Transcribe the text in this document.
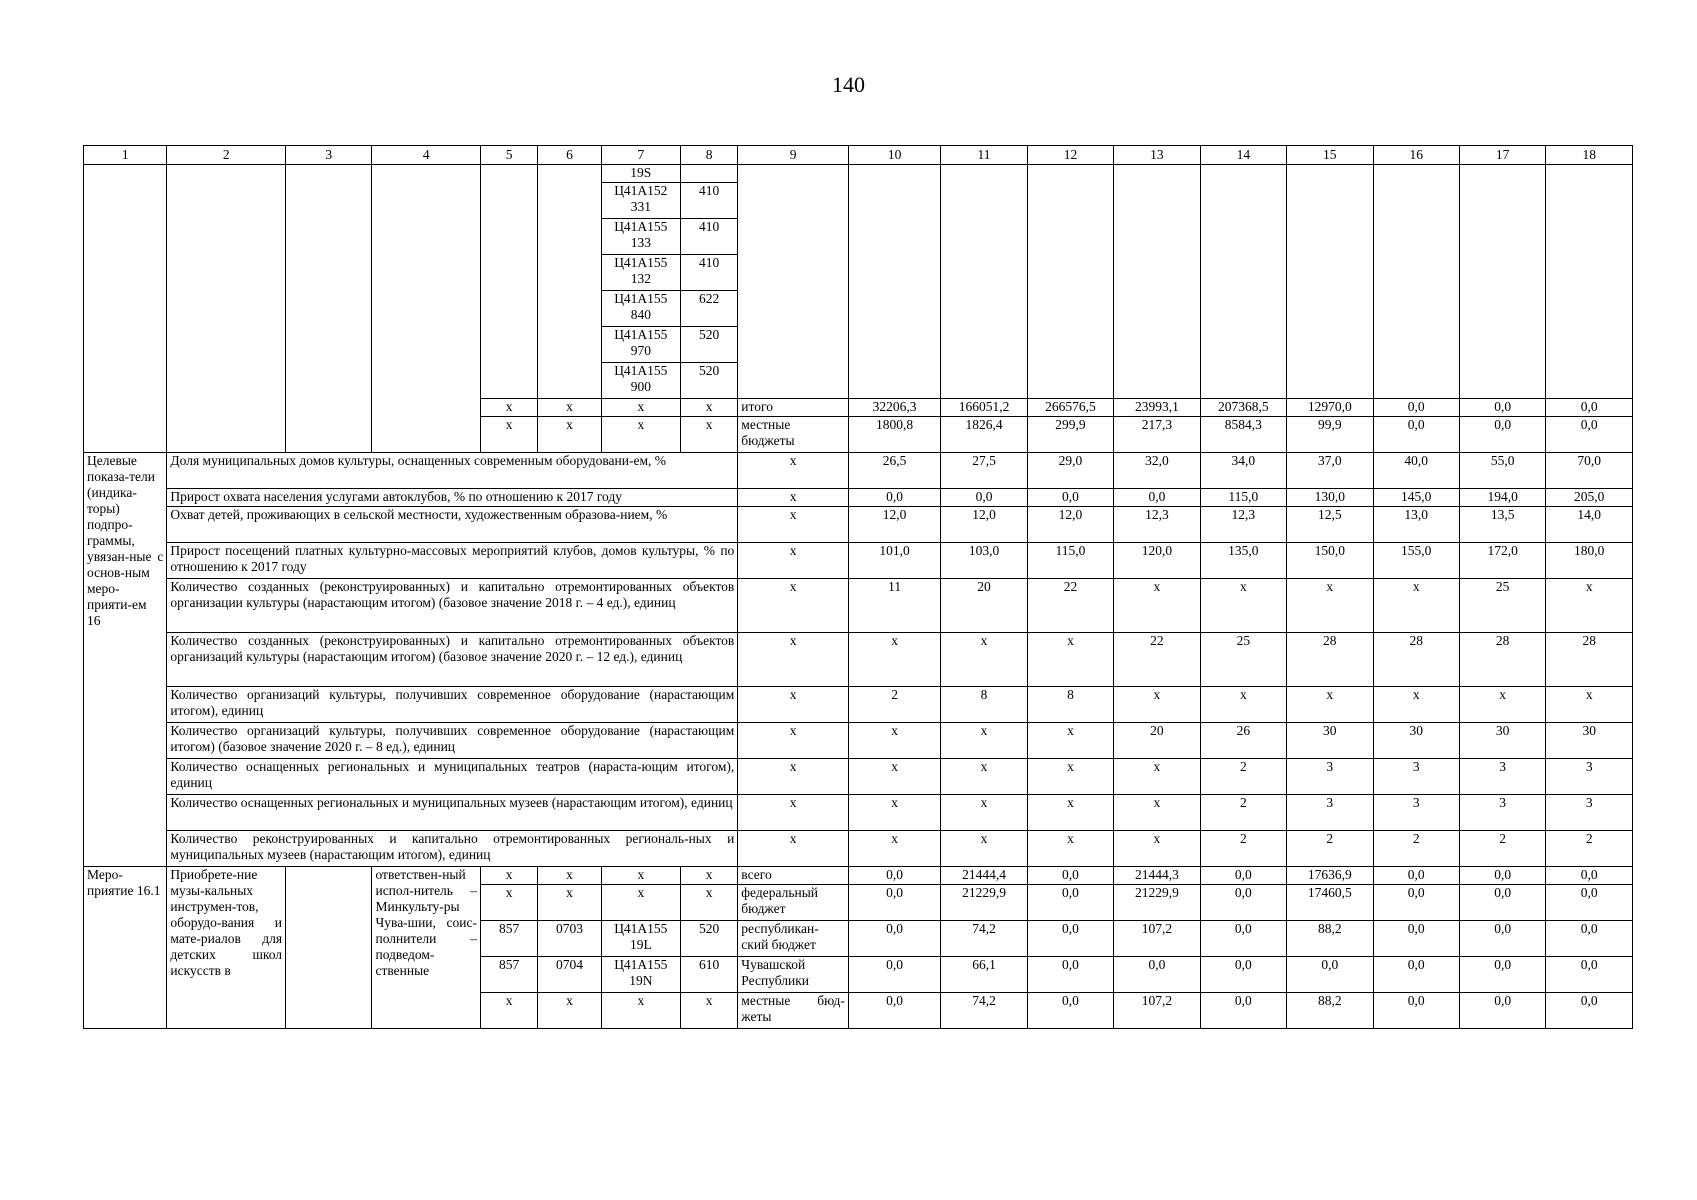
140
1	2	3	4	5	6	7	8	9	10	11	12	13	14	15	16	17	18
						19S											
						Ц41А152 331	410										
						Ц41А155 133	410										
						Ц41А155 132	410										
						Ц41А155 840	622										
						Ц41А155 970	520										
						Ц41А155 900	520										
				x	x	x	x	итого	32206,3	166051,2	266576,5	23993,1	207368,5	12970,0	0,0	0,0	0,0
				x	x	x	x	местные бюджеты	1800,8	1826,4	299,9	217,3	8584,3	99,9	0,0	0,0	0,0
Целевые показа-тели (индика-торы) подпро-граммы, увязан-ные с основ-ным меро-прияти-ем 16	Доля муниципальных домов культуры, оснащенных современным оборудовани-ем, %							x	26,5	27,5	29,0	32,0	34,0	37,0	40,0	55,0	70,0
	Прирост охвата населения услугами автоклубов, % по отношению к 2017 году							x	0,0	0,0	0,0	0,0	115,0	130,0	145,0	194,0	205,0
	Охват детей, проживающих в сельской местности, художественным образова-нием, %							x	12,0	12,0	12,0	12,3	12,3	12,5	13,0	13,5	14,0
	Прирост посещений платных культурно-массовых мероприятий клубов, домов культуры, % по отношению к 2017 году							x	101,0	103,0	115,0	120,0	135,0	150,0	155,0	172,0	180,0
	Количество созданных (реконструированных) и капитально отремонтированных объектов организации культуры (нарастающим итогом) (базовое значение 2018 г. – 4 ед.), единиц							x	11	20	22	x	x	x	x	25	x
	Количество созданных (реконструированных) и капитально отремонтированных объектов организаций культуры (нарастающим итогом) (базовое значение 2020 г. – 12 ед.), единиц							x	x	x	x	22	25	28	28	28	28
	Количество организаций культуры, получивших современное оборудование (нарастающим итогом), единиц							x	2	8	8	x	x	x	x	x	x
	Количество организаций культуры, получивших современное оборудование (нарастающим итогом) (базовое значение 2020 г. – 8 ед.), единиц							x	x	x	x	20	26	30	30	30	30
	Количество оснащенных региональных и муниципальных театров (нараста-ющим итогом), единиц							x	x	x	x	x	2	3	3	3	3
	Количество оснащенных региональных и муниципальных музеев (нарастающим итогом), единиц							x	x	x	x	x	2	3	3	3	3
	Количество реконструированных и капитально отремонтированных региональ-ных и муниципальных музеев (нарастающим итогом), единиц							x	x	x	x	x	2	2	2	2	2
Меро-приятие 16.1	Приобрете-ние музы-кальных инструмен-тов, оборудо-вания и мате-риалов для детских школ искусств в		ответствен-ный испол-нитель – Минкульту-ры Чува-шии, соис-полнители – подведом-ственные	x	x	x	x	всего	0,0	21444,4	0,0	21444,3	0,0	17636,9	0,0	0,0	0,0
				x	x	x	x	федеральный бюджет	0,0	21229,9	0,0	21229,9	0,0	17460,5	0,0	0,0	0,0
				857	0703	Ц41А155 19L	520	республикан-ский бюджет	0,0	74,2	0,0	107,2	0,0	88,2	0,0	0,0	0,0
				857	0704	Ц41А155 19N	610	Чувашской Республики	0,0	66,1	0,0	0,0	0,0	0,0	0,0	0,0	0,0
				x	x	x	x	местные бюд-жеты	0,0	74,2	0,0	107,2	0,0	88,2	0,0	0,0	0,0
